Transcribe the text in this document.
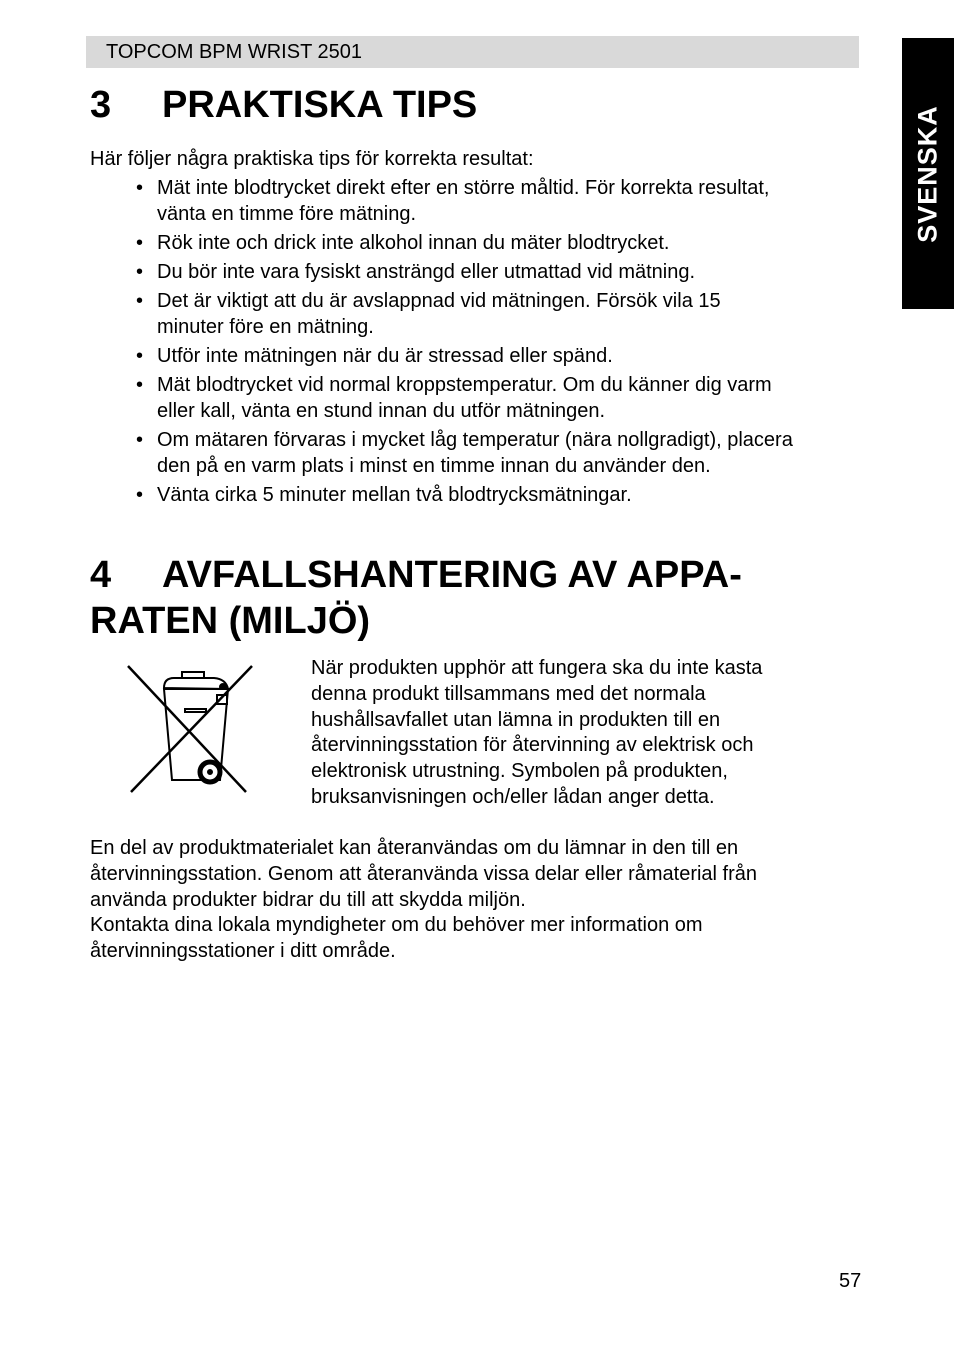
TOPCOM BPM WRIST 2501
SVENSKA
3 PRAKTISKA TIPS
Här följer några praktiska tips för korrekta resultat:
• Mät inte blodtrycket direkt efter en större måltid. För korrekta resultat,
vänta en timme före mätning.
• Rök inte och drick inte alkohol innan du mäter blodtrycket.
• Du bör inte vara fysiskt ansträngd eller utmattad vid mätning.
• Det är viktigt att du är avslappnad vid mätningen. Försök vila 15
minuter före en mätning.
• Utför inte mätningen när du är stressad eller spänd.
• Mät blodtrycket vid normal kroppstemperatur. Om du känner dig varm
eller kall, vänta en stund innan du utför mätningen.
• Om mätaren förvaras i mycket låg temperatur (nära nollgradigt), placera
den på en varm plats i minst en timme innan du använder den.
• Vänta cirka 5 minuter mellan två blodtrycksmätningar.
4 AVFALLSHANTERING AV APPA-
RATEN (MILJÖ)

När produkten upphör att fungera ska du inte kasta
denna produkt tillsammans med det normala
hushållsavfallet utan lämna in produkten till en
återvinningsstation för återvinning av elektrisk och
elektronisk utrustning. Symbolen på produkten,
bruksanvisningen och/eller lådan anger detta.

En del av produktmaterialet kan återanvändas om du lämnar in den till en
återvinningsstation. Genom att återanvända vissa delar eller råmaterial från
använda produkter bidrar du till att skydda miljön.

Kontakta dina lokala myndigheter om du behöver mer information om
återvinningsstationer i ditt område.

57
